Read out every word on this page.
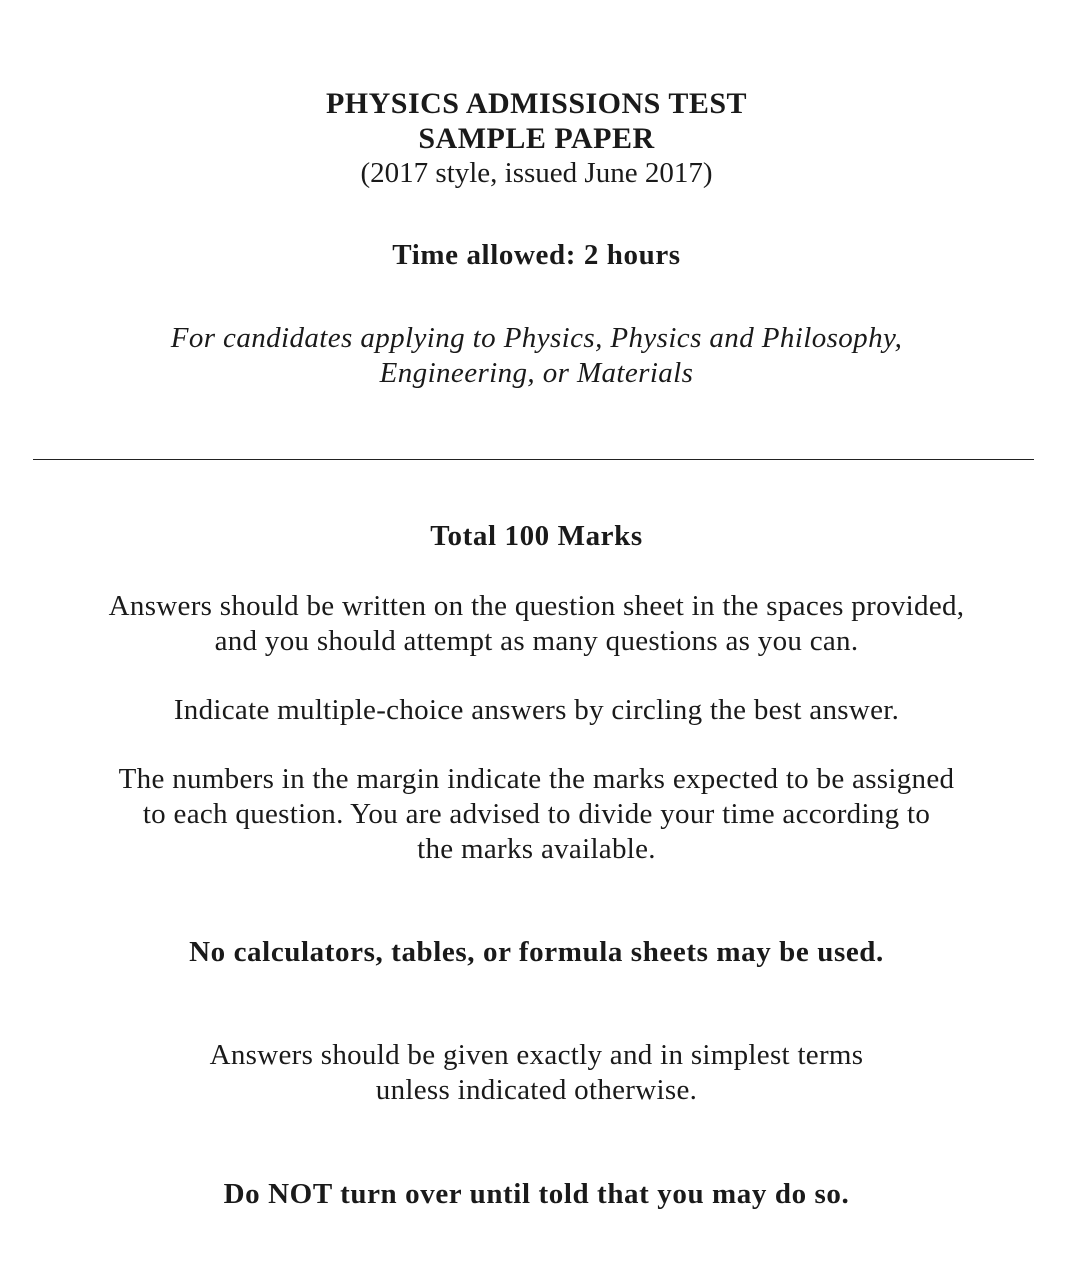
PHYSICS ADMISSIONS TEST
SAMPLE PAPER
(2017 style, issued June 2017)
Time allowed: 2 hours
For candidates applying to Physics, Physics and Philosophy,
Engineering, or Materials
Total 100 Marks
Answers should be written on the question sheet in the spaces provided,
and you should attempt as many questions as you can.
Indicate multiple-choice answers by circling the best answer.
The numbers in the margin indicate the marks expected to be assigned
to each question. You are advised to divide your time according to
the marks available.
No calculators, tables, or formula sheets may be used.
Answers should be given exactly and in simplest terms
unless indicated otherwise.
Do NOT turn over until told that you may do so.
